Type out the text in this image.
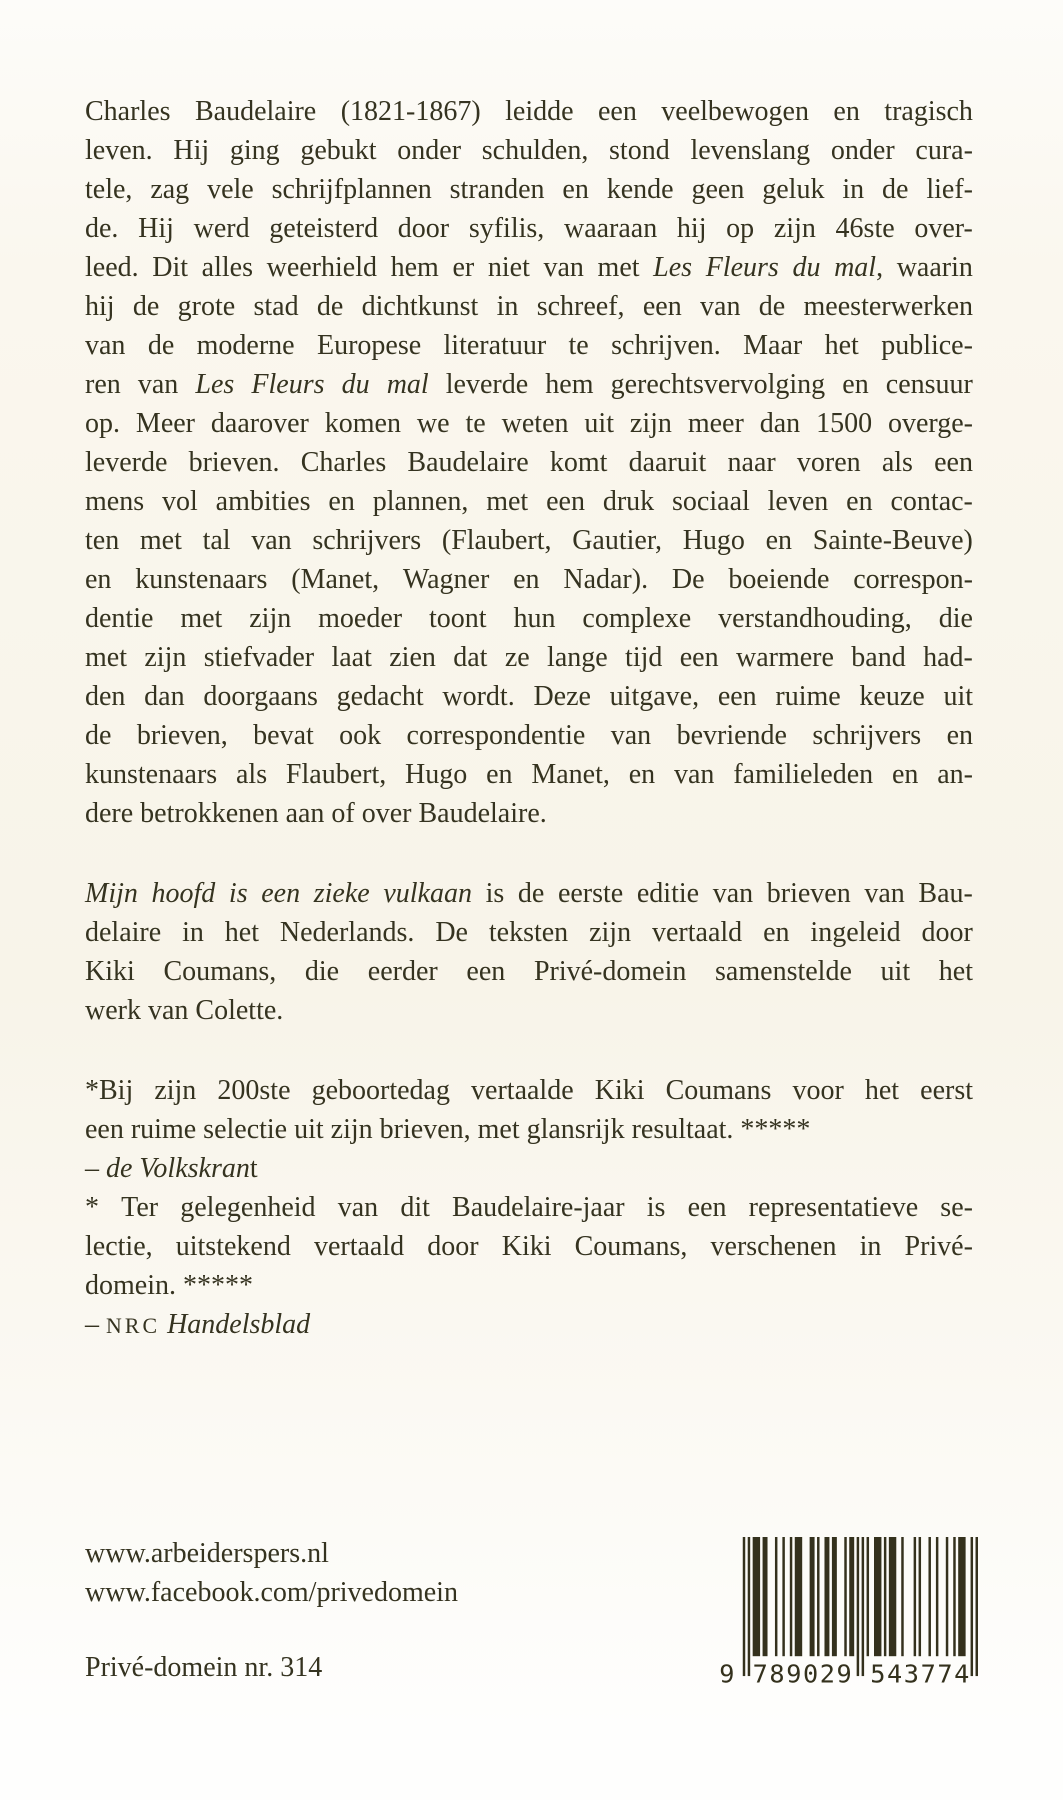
Charles Baudelaire (1821-1867) leidde een veelbewogen en tragisch
leven. Hij ging gebukt onder schulden, stond levenslang onder cura-
tele, zag vele schrijfplannen stranden en kende geen geluk in de lief-
de. Hij werd geteisterd door syfilis, waaraan hij op zijn 46ste over-
leed. Dit alles weerhield hem er niet van met Les Fleurs du mal, waarin
hij de grote stad de dichtkunst in schreef, een van de meesterwerken
van de moderne Europese literatuur te schrijven. Maar het publice-
ren van Les Fleurs du mal leverde hem gerechtsvervolging en censuur
op. Meer daarover komen we te weten uit zijn meer dan 1500 overge-
leverde brieven. Charles Baudelaire komt daaruit naar voren als een
mens vol ambities en plannen, met een druk sociaal leven en contac-
ten met tal van schrijvers (Flaubert, Gautier, Hugo en Sainte-Beuve)
en kunstenaars (Manet, Wagner en Nadar). De boeiende correspon-
dentie met zijn moeder toont hun complexe verstandhouding, die
met zijn stiefvader laat zien dat ze lange tijd een warmere band had-
den dan doorgaans gedacht wordt. Deze uitgave, een ruime keuze uit
de brieven, bevat ook correspondentie van bevriende schrijvers en
kunstenaars als Flaubert, Hugo en Manet, en van familieleden en an-
dere betrokkenen aan of over Baudelaire.
Mijn hoofd is een zieke vulkaan is de eerste editie van brieven van Bau-
delaire in het Nederlands. De teksten zijn vertaald en ingeleid door
Kiki Coumans, die eerder een Privé-domein samenstelde uit het
werk van Colette.
*Bij zijn 200ste geboortedag vertaalde Kiki Coumans voor het eerst
een ruime selectie uit zijn brieven, met glansrijk resultaat. *****
– de Volkskrant
* Ter gelegenheid van dit Baudelaire-jaar is een representatieve se-
lectie, uitstekend vertaald door Kiki Coumans, verschenen in Privé-
domein. *****
– NRC Handelsblad
www.arbeiderspers.nl
www.facebook.com/privedomein
Privé-domein nr. 314	9 789029 543774
